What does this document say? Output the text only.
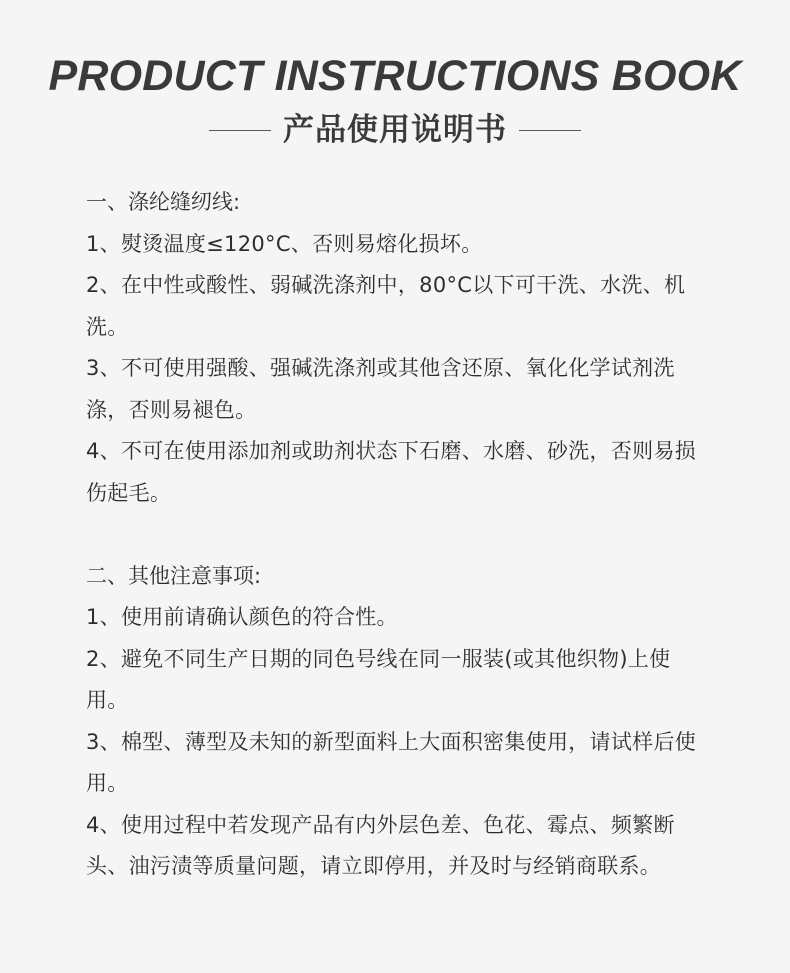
PRODUCT INSTRUCTIONS BOOK
产品使用说明书

一、涤纶缝纫线:

1、熨烫温度≤120°C、否则易熔化损坏。

2、在中性或酸性、弱碱洗涤剂中，80°C以下可干洗、水洗、机洗。

3、不可使用强酸、强碱洗涤剂或其他含还原、氧化化学试剂洗涤，否则易褪色。

4、不可在使用添加剂或助剂状态下石磨、水磨、砂洗，否则易损伤起毛。

二、其他注意事项:

1、使用前请确认颜色的符合性。

2、避免不同生产日期的同色号线在同一服装(或其他织物)上使用。

3、棉型、薄型及未知的新型面料上大面积密集使用，请试样后使用。

4、使用过程中若发现产品有内外层色差、色花、霉点、频繁断头、油污渍等质量问题，请立即停用，并及时与经销商联系。
